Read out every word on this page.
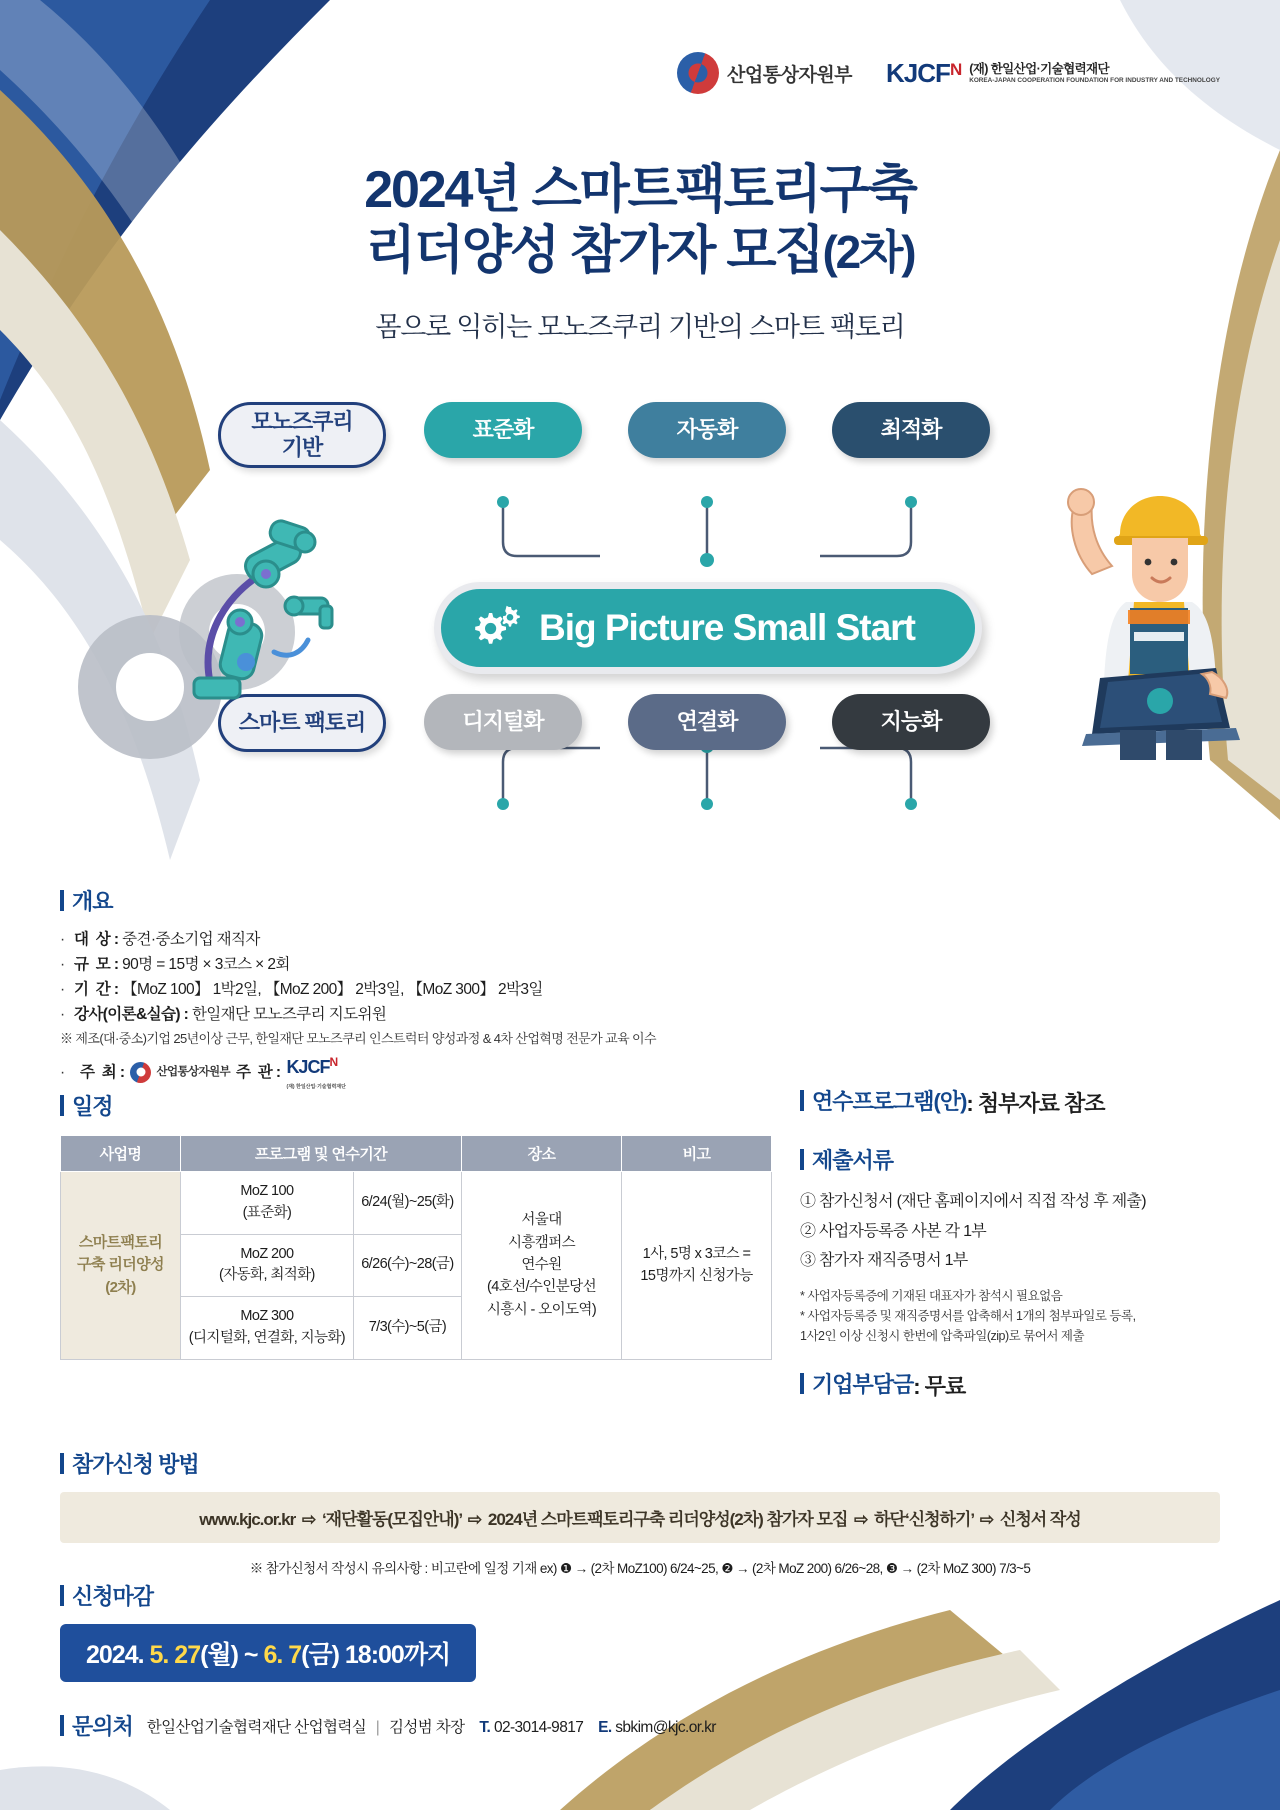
산업통상자원부 KJCFN (재) 한일산업·기술협력재단
KOREA-JAPAN COOPERATION FOUNDATION FOR INDUSTRY AND TECHNOLOGY
2024년 스마트팩토리구축
리더양성 참가자 모집(2차)
몸으로 익히는 모노즈쿠리 기반의 스마트 팩토리
모노즈쿠리
기반
스마트 팩토리
표준화	자동화	최적화
디지털화	연결화	지능화
Big Picture Small Start
개요
· 대  상 : 중견·중소기업 재직자
· 규  모 : 90명 = 15명 × 3코스 × 2회
· 기  간 : 【MoZ 100】 1박2일, 【MoZ 200】 2박3일, 【MoZ 300】 2박3일
· 강사(이론&실습) : 한일재단 모노즈쿠리 지도위원
※ 제조(대·중소)기업 25년이상 근무, 한일재단 모노즈쿠리 인스트럭터 양성과정 & 4차 산업혁명 전문가 교육 이수
· 주  최 :	산업통상자원부 주  관 : $KJCF^N$
(재) 한일산업·기술협력재단
일정
사업명	프로그램 및 연수기간		장소	비고
스마트팩토리
구축 리더양성
(2차)	MoZ 100
(표준화)	6/24(월)~25(화)	서울대
시흥캠퍼스
연수원
(4호선/수인분당선
시흥시 - 오이도역)	1사, 5명 x 3코스 =
15명까지 신청가능
	MoZ 200
(자동화, 최적화)	6/26(수)~28(금)		
	MoZ 300
(디지털화, 연결화, 지능화)	7/3(수)~5(금)		
연수프로그램(안) : 첨부자료 참조
제출서류
① 참가신청서 (재단 홈페이지에서 직접 작성 후 제출)
② 사업자등록증 사본 각 1부
③ 참가자 재직증명서 1부
* 사업자등록증에 기재된 대표자가 참석시 필요없음
* 사업자등록증 및 재직증명서를 압축해서 1개의 첨부파일로 등록,
1사2인 이상 신청시 한번에 압축파일(zip)로 묶어서 제출
기업부담금 : 무료
참가신청 방법
www.kjc.or.kr ⇨ ‘재단활동(모집안내)’ ⇨ 2024년 스마트팩토리구축 리더양성(2차) 참가자 모집 ⇨ 하단‘신청하기’ ⇨ 신청서 작성
※ 참가신청서 작성시 유의사항 : 비고란에 일정 기재 ex) ❶ → (2차 MoZ100) 6/24~25, ❷ → (2차 MoZ 200) 6/26~28, ❸ → (2차 MoZ 300) 7/3~5
신청마감
2024. 5. 27(월) ~ 6. 7(금) 18:00까지
문의처 한일산업기술협력재단 산업협력실 | 김성범 차장 T. 02-3014-9817 E. sbkim@kjc.or.kr
